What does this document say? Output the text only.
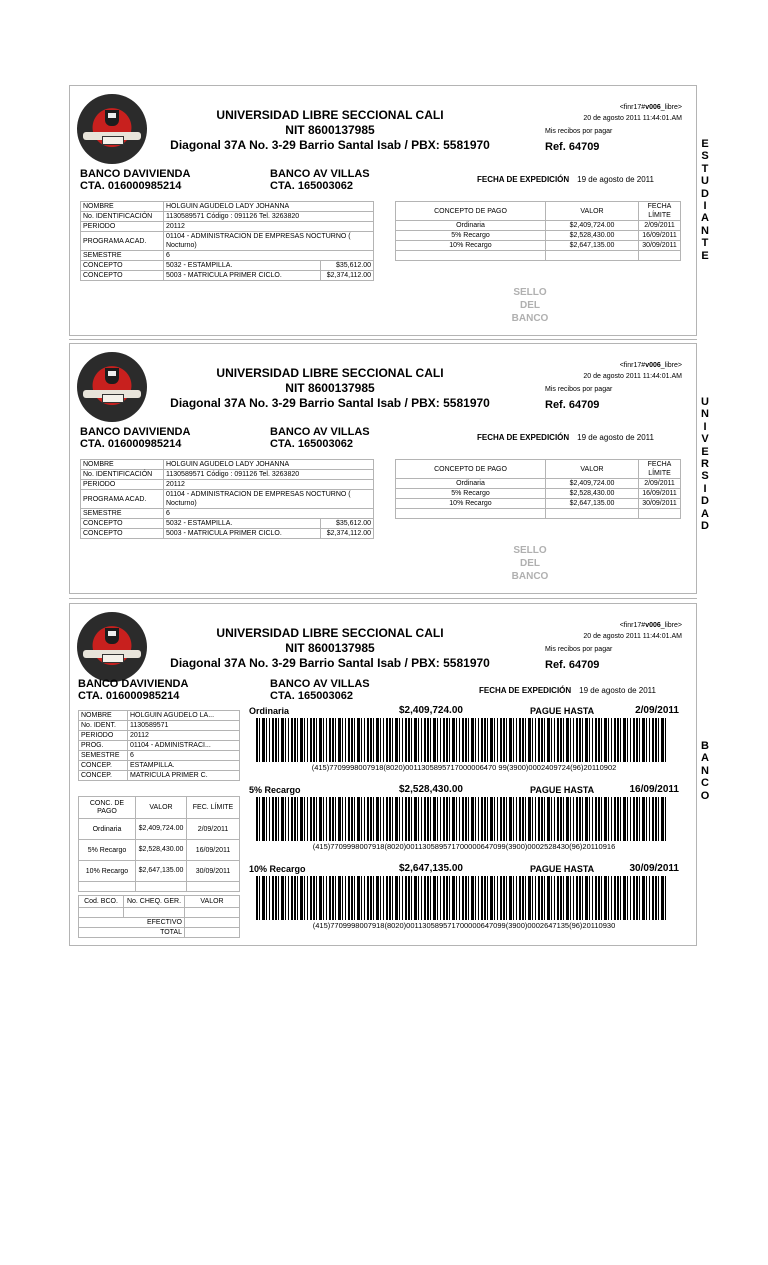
UNIVERSIDAD LIBRE SECCIONAL CALI
NIT 8600137985
Diagonal 37A No. 3-29 Barrio Santal Isab / PBX: 5581970
<finr17#v006_libre>
20 de agosto 2011 11:44:01.AM
Mis recibos por pagar
Ref. 64709
BANCO DAVIVIENDA
CTA. 016000985214
BANCO AV VILLAS
CTA. 165003062
FECHA DE EXPEDICIÓN 19 de agosto de 2011
NOMBRE	HOLGUIN AGUDELO LADY JOHANNA	
No. IDENTIFICACIÓN	1130589571 Código : 091126 Tel. 3263820	
PERIODO	20112	
PROGRAMA ACAD.	01104 - ADMINISTRACION DE EMPRESAS NOCTURNO ( Nocturno)	
SEMESTRE	6	
CONCEPTO	5032 - ESTAMPILLA.	$35,612.00
CONCEPTO	5003 - MATRICULA PRIMER CICLO.	$2,374,112.00
CONCEPTO DE PAGO	VALOR	FECHA LÍMITE
Ordinaria	$2,409,724.00	2/09/2011
5% Recargo	$2,528,430.00	16/09/2011
10% Recargo	$2,647,135.00	30/09/2011

SELLO
DEL
BANCO
E
S
T
U
D
I
A
N
T
E
UNIVERSIDAD LIBRE SECCIONAL CALI
NIT 8600137985
Diagonal 37A No. 3-29 Barrio Santal Isab / PBX: 5581970
<finr17#v006_libre>
20 de agosto 2011 11:44:01.AM
Mis recibos por pagar
Ref. 64709
BANCO DAVIVIENDA
CTA. 016000985214
BANCO AV VILLAS
CTA. 165003062
FECHA DE EXPEDICIÓN 19 de agosto de 2011
NOMBRE	HOLGUIN AGUDELO LADY JOHANNA	
No. IDENTIFICACIÓN	1130589571 Código : 091126 Tel. 3263820	
PERIODO	20112	
PROGRAMA ACAD.	01104 - ADMINISTRACION DE EMPRESAS NOCTURNO ( Nocturno)	
SEMESTRE	6	
CONCEPTO	5032 - ESTAMPILLA.	$35,612.00
CONCEPTO	5003 - MATRICULA PRIMER CICLO.	$2,374,112.00
CONCEPTO DE PAGO	VALOR	FECHA LÍMITE
Ordinaria	$2,409,724.00	2/09/2011
5% Recargo	$2,528,430.00	16/09/2011
10% Recargo	$2,647,135.00	30/09/2011

SELLO
DEL
BANCO
U
N
I
V
E
R
S
I
D
A
D
UNIVERSIDAD LIBRE SECCIONAL CALI
NIT 8600137985
Diagonal 37A No. 3-29 Barrio Santal Isab / PBX: 5581970
<finr17#v006_libre>
20 de agosto 2011 11:44:01.AM
Mis recibos por pagar
Ref. 64709
BANCO DAVIVIENDA
CTA. 016000985214
BANCO AV VILLAS
CTA. 165003062	FECHA DE EXPEDICIÓN 19 de agosto de 2011
NOMBRE	HOLGUIN AGUDELO LA...
No. IDENT.	1130589571
PERIODO	20112
PROG.	01104 - ADMINISTRACI...
SEMESTRE	6
CONCEP.	ESTAMPILLA.
CONCEP.	MATRICULA PRIMER C.
CONC. DE PAGO	VALOR	FEC. LÍMITE
Ordinaria	$2,409,724.00	2/09/2011
5% Recargo	$2,528,430.00	16/09/2011
10% Recargo	$2,647,135.00	30/09/2011

Cod. BCO.	No. CHEQ. GER.	VALOR

EFECTIVO		
TOTAL		
Ordinaria	$2,409,724.00	PAGUE HASTA	2/09/2011
(415)7709998007918(8020)0011305895717000006470 99(3900)0002409724(96)20110902
5% Recargo	$2,528,430.00	PAGUE HASTA	16/09/2011
(415)7709998007918(8020)001130589571700000647099(3900)0002528430(96)20110916
10% Recargo	$2,647,135.00	PAGUE HASTA	30/09/2011
(415)7709998007918(8020)001130589571700000647099(3900)0002647135(96)20110930
B
A
N
C
O
